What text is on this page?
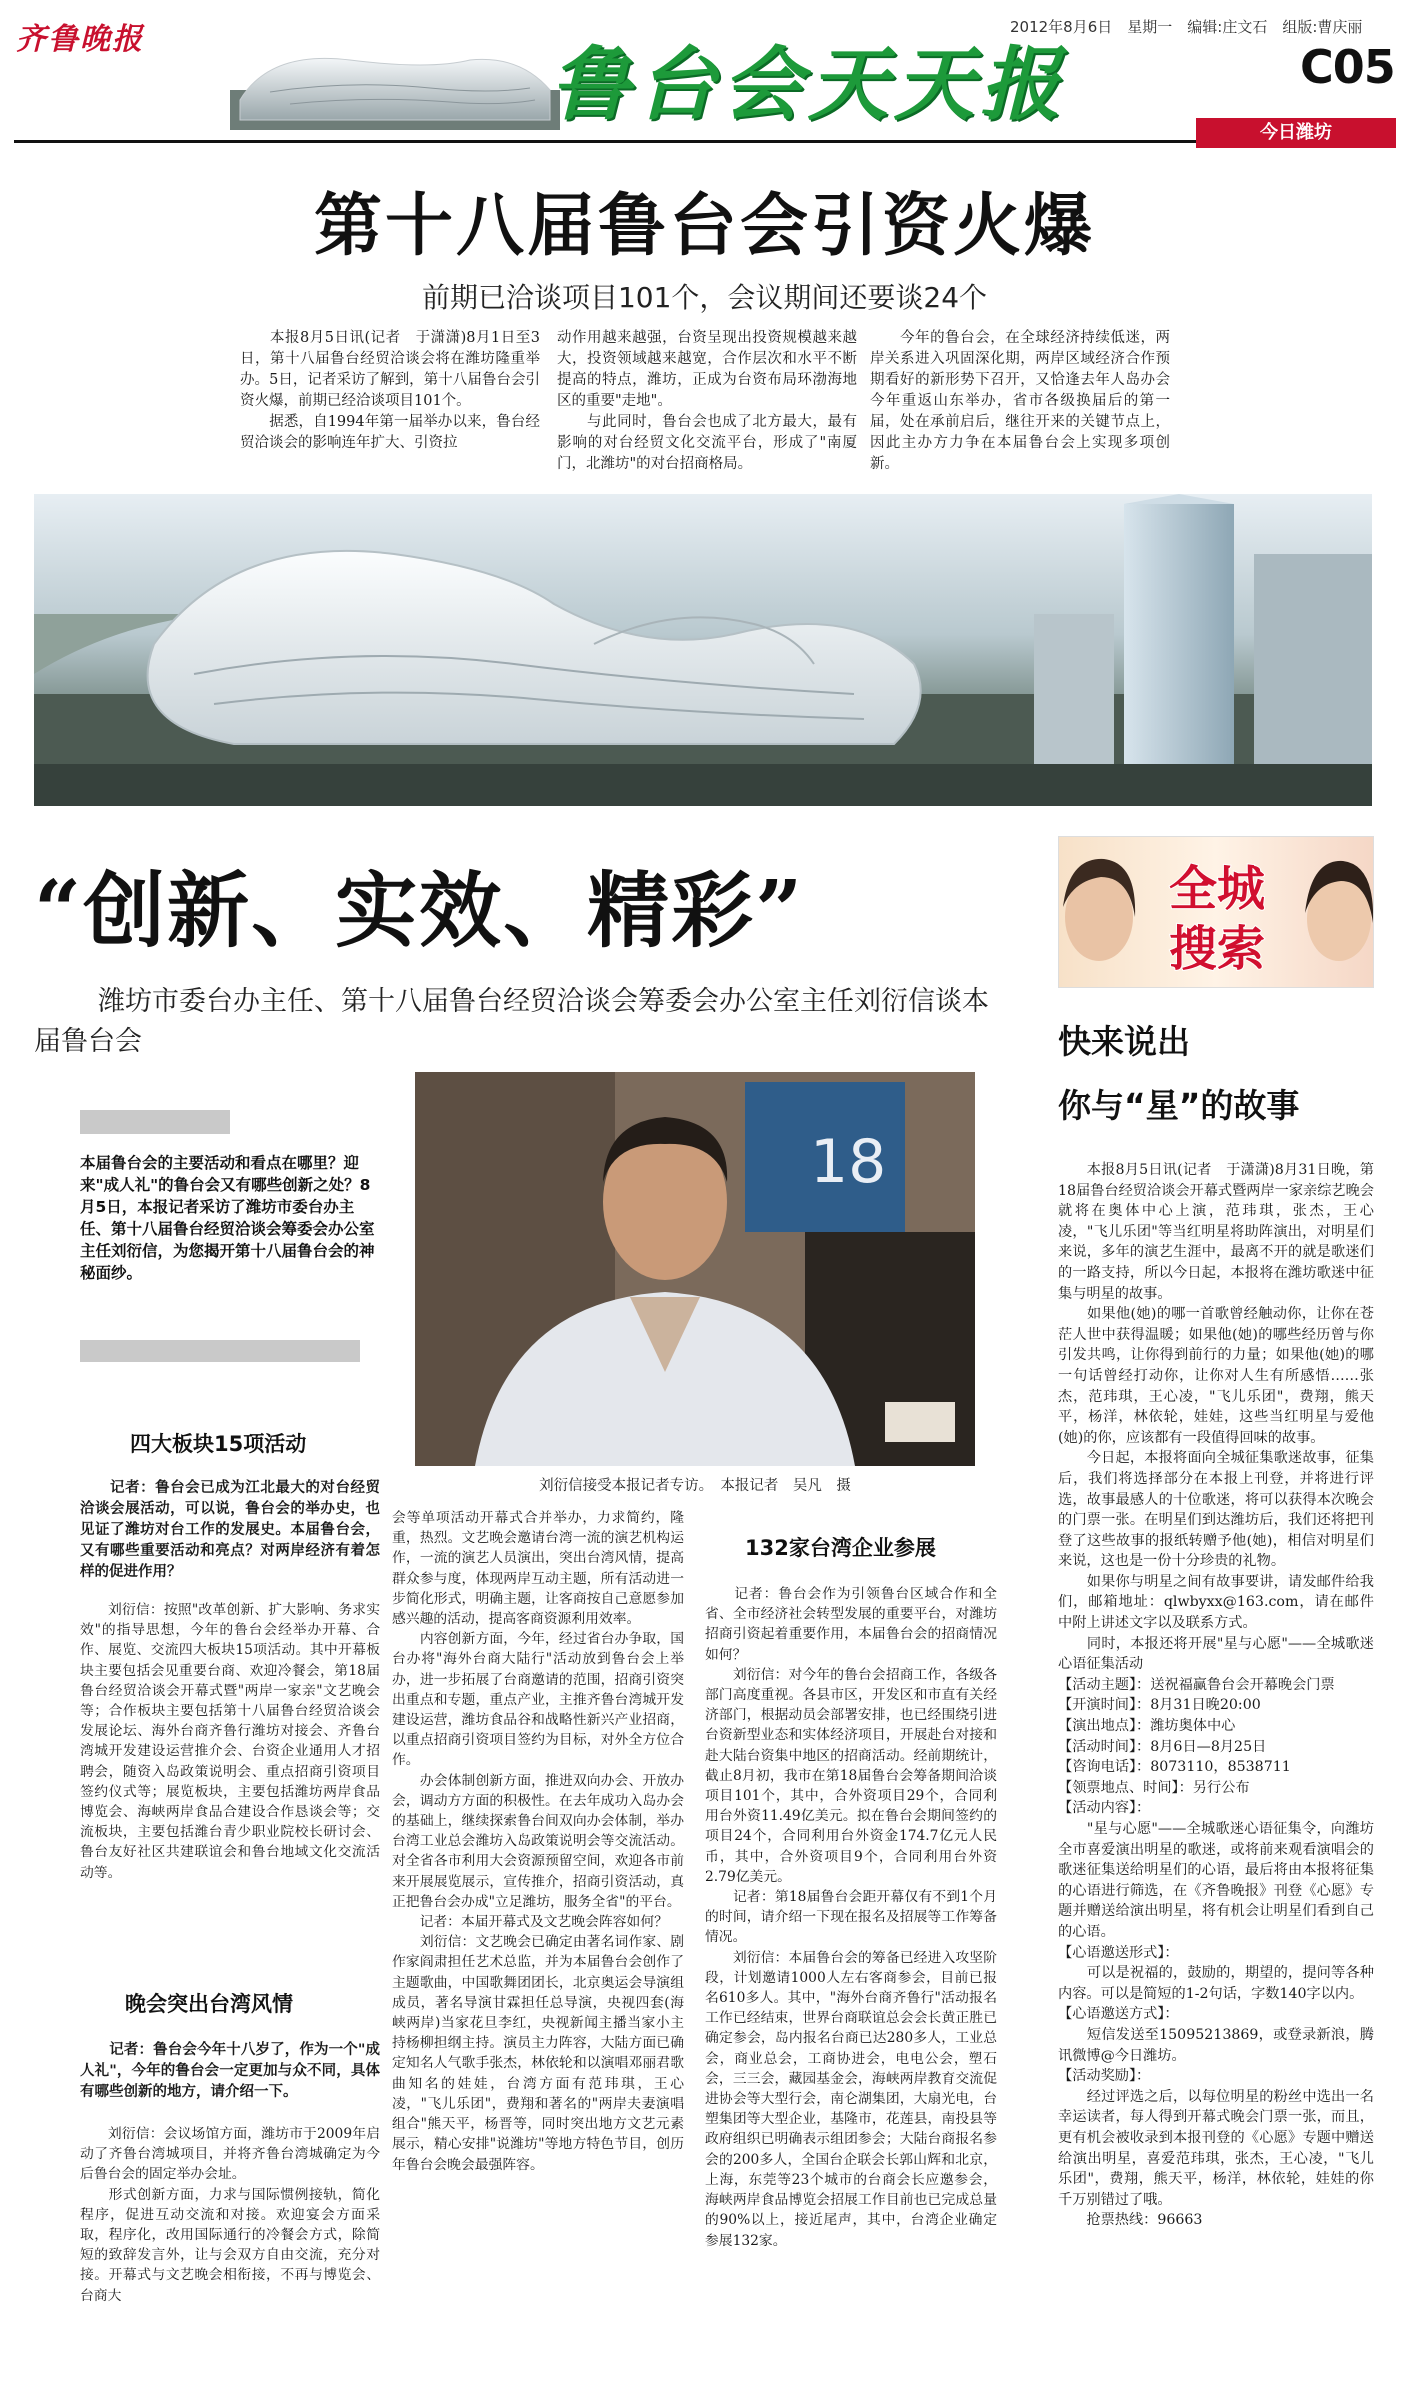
齐鲁晚报	鲁台会天天报
2012年8月6日　星期一　编辑:庄文石　组版:曹庆丽
C05
今日潍坊
第十八届鲁台会引资火爆
前期已洽谈项目101个，会议期间还要谈24个
　　本报8月5日讯(记者　于潇潇)8月1日至3日，第十八届鲁台经贸洽谈会将在潍坊隆重举办。5日，记者采访了解到，第十八届鲁台会引资火爆，前期已经洽谈项目101个。
　　据悉，自1994年第一届举办以来，鲁台经贸洽谈会的影响连年扩大、引资拉
动作用越来越强，台资呈现出投资规模越来越大，投资领域越来越宽，合作层次和水平不断提高的特点，潍坊，正成为台资布局环渤海地区的重要"走地"。
　　与此同时，鲁台会也成了北方最大，最有影响的对台经贸文化交流平台，形成了"南厦门，北潍坊"的对台招商格局。
　　今年的鲁台会，在全球经济持续低迷，两岸关系进入巩固深化期，两岸区域经济合作预期看好的新形势下召开，又恰逢去年人岛办会今年重返山东举办，省市各级换届后的第一届，处在承前启后，继往开来的关键节点上，因此主办方力争在本届鲁台会上实现多项创新。
“创新、实效、精彩”
潍坊市委台办主任、第十八届鲁台经贸洽谈会筹委会办公室主任刘衍信谈本届鲁台会
本届鲁台会的主要活动和看点在哪里？迎来"成人礼"的鲁台会又有哪些创新之处？8月5日，本报记者采访了潍坊市委台办主任、第十八届鲁台经贸洽谈会筹委会办公室主任刘衍信，为您揭开第十八届鲁台会的神秘面纱。
18
刘衍信接受本报记者专访。　本报记者　吴凡　摄
四大板块15项活动
　　记者：鲁台会已成为江北最大的对台经贸洽谈会展活动，可以说，鲁台会的举办史，也见证了潍坊对台工作的发展史。本届鲁台会，又有哪些重要活动和亮点？对两岸经济有着怎样的促进作用？
　　刘衍信：按照"改革创新、扩大影响、务求实效"的指导思想，今年的鲁台会经举办开幕、合作、展览、交流四大板块15项活动。其中开幕板块主要包括会见重要台商、欢迎冷餐会，第18届鲁台经贸洽谈会开幕式暨"两岸一家亲"文艺晚会等；合作板块主要包括第十八届鲁台经贸洽谈会发展论坛、海外台商齐鲁行潍坊对接会、齐鲁台湾城开发建设运营推介会、台资企业通用人才招聘会，随资入岛政策说明会、重点招商引资项目签约仪式等；展览板块，主要包括潍坊两岸食品博览会、海峡两岸食品合建设合作恳谈会等；交流板块，主要包括潍台青少职业院校长研讨会、鲁台友好社区共建联谊会和鲁台地域文化交流活动等。
晚会突出台湾风情
　　记者：鲁台会今年十八岁了，作为一个"成人礼"，今年的鲁台会一定更加与众不同，具体有哪些创新的地方，请介绍一下。
　　刘衍信：会议场馆方面，潍坊市于2009年启动了齐鲁台湾城项目，并将齐鲁台湾城确定为今后鲁台会的固定举办会址。
　　形式创新方面，力求与国际惯例接轨，简化程序，促进互动交流和对接。欢迎宴会方面采取，程序化，改用国际通行的冷餐会方式，除简短的致辞发言外，让与会双方自由交流，充分对接。开幕式与文艺晚会相衔接，不再与博览会、台商大
会等单项活动开幕式合并举办，力求简约，隆重，热烈。文艺晚会邀请台湾一流的演艺机构运作，一流的演艺人员演出，突出台湾风情，提高群众参与度，体现两岸互动主题，所有活动进一步简化形式，明确主题，让客商按自己意愿参加感兴趣的活动，提高客商资源利用效率。
　　内容创新方面，今年，经过省台办争取，国台办将"海外台商大陆行"活动放到鲁台会上举办，进一步拓展了台商邀请的范围，招商引资突出重点和专题，重点产业，主推齐鲁台湾城开发建设运营，潍坊食品谷和战略性新兴产业招商，以重点招商引资项目签约为目标，对外全方位合作。
　　办会体制创新方面，推进双向办会、开放办会，调动方方面的积极性。在去年成功入岛办会的基础上，继续探索鲁台间双向办会体制，举办台湾工业总会潍坊入岛政策说明会等交流活动。对全省各市利用大会资源预留空间，欢迎各市前来开展展览展示，宣传推介，招商引资活动，真正把鲁台会办成"立足潍坊，服务全省"的平台。
　　记者：本届开幕式及文艺晚会阵容如何？
　　刘衍信：文艺晚会已确定由著名词作家、剧作家阎肃担任艺术总监，并为本届鲁台会创作了主题歌曲，中国歌舞团团长，北京奥运会导演组成员，著名导演甘霖担任总导演，央视四套(海峡两岸)当家花旦李红，央视新闻主播当家小主持杨柳担纲主持。演员主力阵容，大陆方面已确定知名人气歌手张杰，林依轮和以演唱邓丽君歌曲知名的娃娃，台湾方面有范玮琪，王心凌，"飞儿乐团"，费翔和著名的"两岸夫妻演唱组合"熊天平，杨晋等，同时突出地方文艺元素展示，精心安排"说潍坊"等地方特色节目，创历年鲁台会晚会最强阵容。
132家台湾企业参展
　　记者：鲁台会作为引领鲁台区域合作和全省、全市经济社会转型发展的重要平台，对潍坊招商引资起着重要作用，本届鲁台会的招商情况如何？
　　刘衍信：对今年的鲁台会招商工作，各级各部门高度重视。各县市区，开发区和市直有关经济部门，根据动员会部署安排，也已经围绕引进台资新型业态和实体经济项目，开展赴台对接和赴大陆台资集中地区的招商活动。经前期统计，截止8月初，我市在第18届鲁台会筹备期间洽谈项目101个，其中，合外资项目29个，合同利用台外资11.49亿美元。拟在鲁台会期间签约的项目24个，合同利用台外资金174.7亿元人民币，其中，合外资项目9个，合同利用台外资2.79亿美元。
　　记者：第18届鲁台会距开幕仅有不到1个月的时间，请介绍一下现在报名及招展等工作筹备情况。
　　刘衍信：本届鲁台会的筹备已经进入攻坚阶段，计划邀请1000人左右客商参会，目前已报名610多人。其中，"海外台商齐鲁行"活动报名工作已经结束，世界台商联谊总会会长黄正胜已确定参会，岛内报名台商已达280多人，工业总会，商业总会，工商协进会，电电公会，塑石会，三三会，藏园基金会，海峡两岸教育交流促进协会等大型行会，南仑湖集团，大扇光电，台塑集团等大型企业，基隆市，花莲县，南投县等政府组织已明确表示组团参会；大陆台商报名参会的200多人，全国台企联会长郭山辉和北京，上海，东莞等23个城市的台商会长应邀参会，海峡两岸食品博览会招展工作目前也已完成总量的90%以上，接近尾声，其中，台湾企业确定参展132家。
全城
搜索
快来说出
你与“星”的故事
　　本报8月5日讯(记者　于潇潇)8月31日晚，第18届鲁台经贸洽谈会开幕式暨两岸一家亲综艺晚会就将在奥体中心上演，范玮琪，张杰，王心凌，"飞儿乐团"等当红明星将助阵演出，对明星们来说，多年的演艺生涯中，最离不开的就是歌迷们的一路支持，所以今日起，本报将在潍坊歌迷中征集与明星的故事。
　　如果他(她)的哪一首歌曾经触动你，让你在苍茫人世中获得温暖；如果他(她)的哪些经历曾与你引发共鸣，让你得到前行的力量；如果他(她)的哪一句话曾经打动你，让你对人生有所感悟……张杰，范玮琪，王心凌，"飞儿乐团"，费翔，熊天平，杨洋，林依轮，娃娃，这些当红明星与爱他(她)的你，应该都有一段值得回味的故事。
　　今日起，本报将面向全城征集歌迷故事，征集后，我们将选择部分在本报上刊登，并将进行评选，故事最感人的十位歌迷，将可以获得本次晚会的门票一张。在明星们到达潍坊后，我们还将把刊登了这些故事的报纸转赠予他(她)，相信对明星们来说，这也是一份十分珍贵的礼物。
　　如果你与明星之间有故事要讲，请发邮件给我们，邮箱地址：qlwbyxx@163.com，请在邮件中附上讲述文字以及联系方式。
　　同时，本报还将开展"星与心愿"——全城歌迷心语征集活动
【活动主题】：送祝福赢鲁台会开幕晚会门票
【开演时间】：8月31日晚20:00
【演出地点】：潍坊奥体中心
【活动时间】：8月6日—8月25日
【咨询电话】：8073110，8538711
【领票地点、时间】：另行公布
【活动内容】：
　　"星与心愿"——全城歌迷心语征集令，向潍坊全市喜爱演出明星的歌迷，或将前来观看演唱会的歌迷征集送给明星们的心语，最后将由本报将征集的心语进行筛选，在《齐鲁晚报》刊登《心愿》专题并赠送给演出明星，将有机会让明星们看到自己的心语。
【心语邀送形式】：
　　可以是祝福的，鼓励的，期望的，提问等各种内容。可以是简短的1-2句话，字数140字以内。
【心语邀送方式】：
　　短信发送至15095213869，或登录新浪，腾讯微博@今日潍坊。
【活动奖励】：
　　经过评选之后，以每位明星的粉丝中选出一名幸运读者，每人得到开幕式晚会门票一张，而且，更有机会被收录到本报刊登的《心愿》专题中赠送给演出明星，喜爱范玮琪，张杰，王心凌，"飞儿乐团"，费翔，熊天平，杨洋，林依轮，娃娃的你千万别错过了哦。
　　抢票热线：96663
